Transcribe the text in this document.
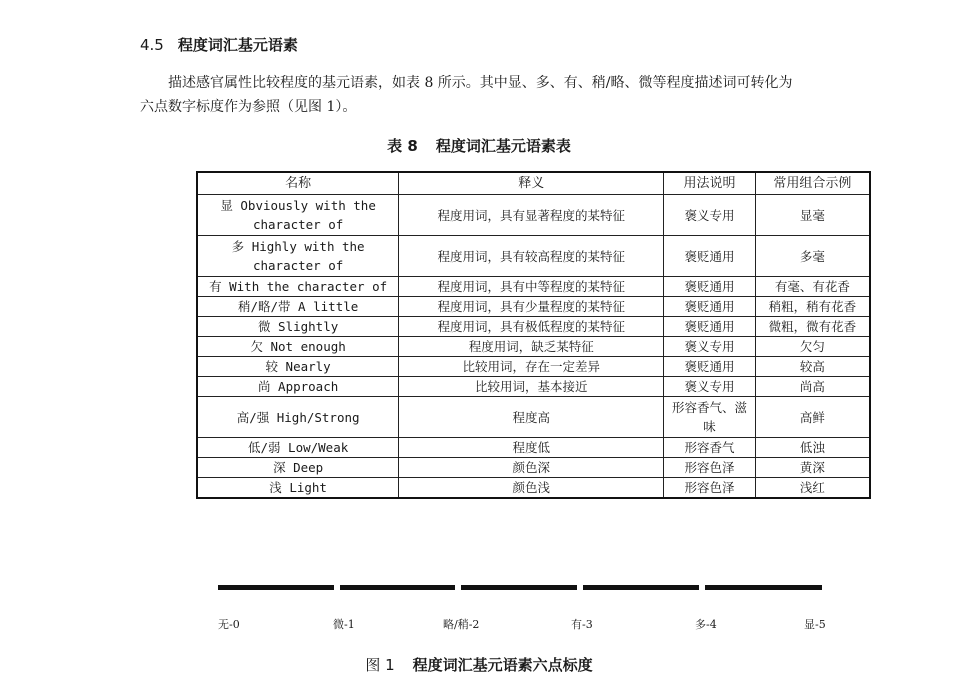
4.5 程度词汇基元语素
描述感官属性比较程度的基元语素，如表 8 所示。其中显、多、有、稍/略、微等程度描述词可转化为
六点数字标度作为参照（见图 1）。
表 8 程度词汇基元语素表
名称	释义	用法说明	常用组合示例
显 Obviously with the character of	程度用词，具有显著程度的某特征	褒义专用	显毫
多 Highly with the character of	程度用词，具有较高程度的某特征	褒贬通用	多毫
有 With the character of	程度用词，具有中等程度的某特征	褒贬通用	有毫、有花香
稍/略/带 A little	程度用词，具有少量程度的某特征	褒贬通用	稍粗，稍有花香
微 Slightly	程度用词，具有极低程度的某特征	褒贬通用	微粗，微有花香
欠 Not enough	程度用词，缺乏某特征	褒义专用	欠匀
较 Nearly	比较用词，存在一定差异	褒贬通用	较高
尚 Approach	比较用词，基本接近	褒义专用	尚高
高/强 High/Strong	程度高	形容香气、滋味	高鲜
低/弱 Low/Weak	程度低	形容香气	低浊
深 Deep	颜色深	形容色泽	黄深
浅 Light	颜色浅	形容色泽	浅红
无-0	微-1	略/稍-2	有-3	多-4	显-5
图 1 程度词汇基元语素六点标度
